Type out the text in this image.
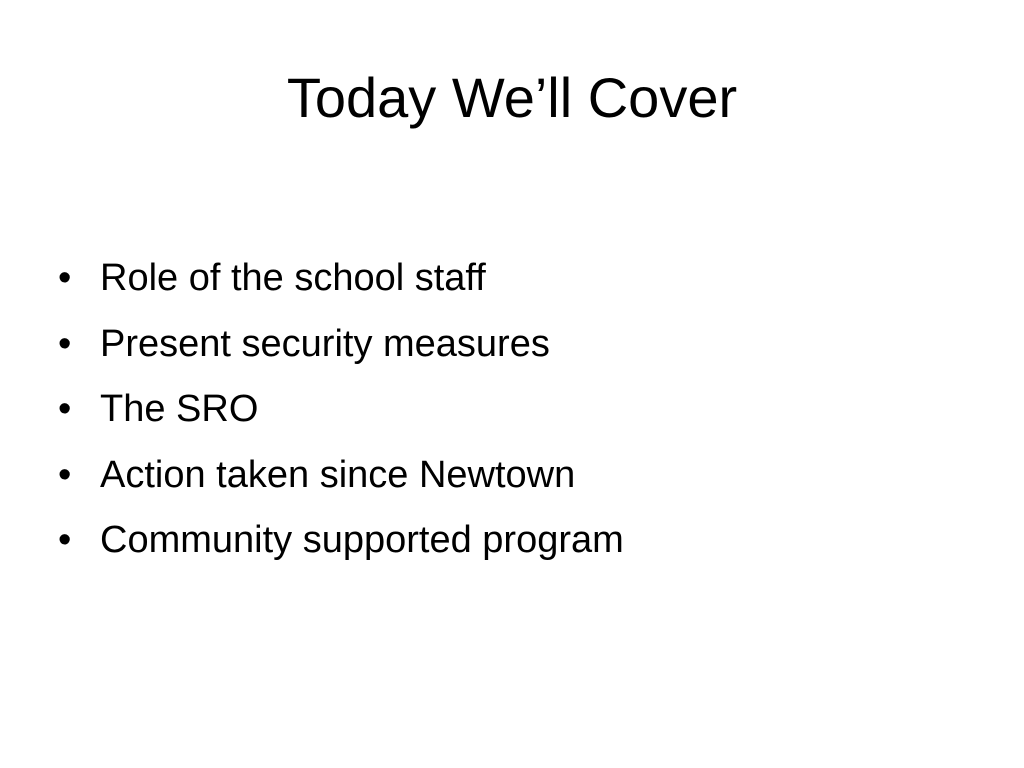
Today We’ll Cover
• Role of the school staff
• Present security measures
• The SRO
• Action taken since Newtown
• Community supported program
